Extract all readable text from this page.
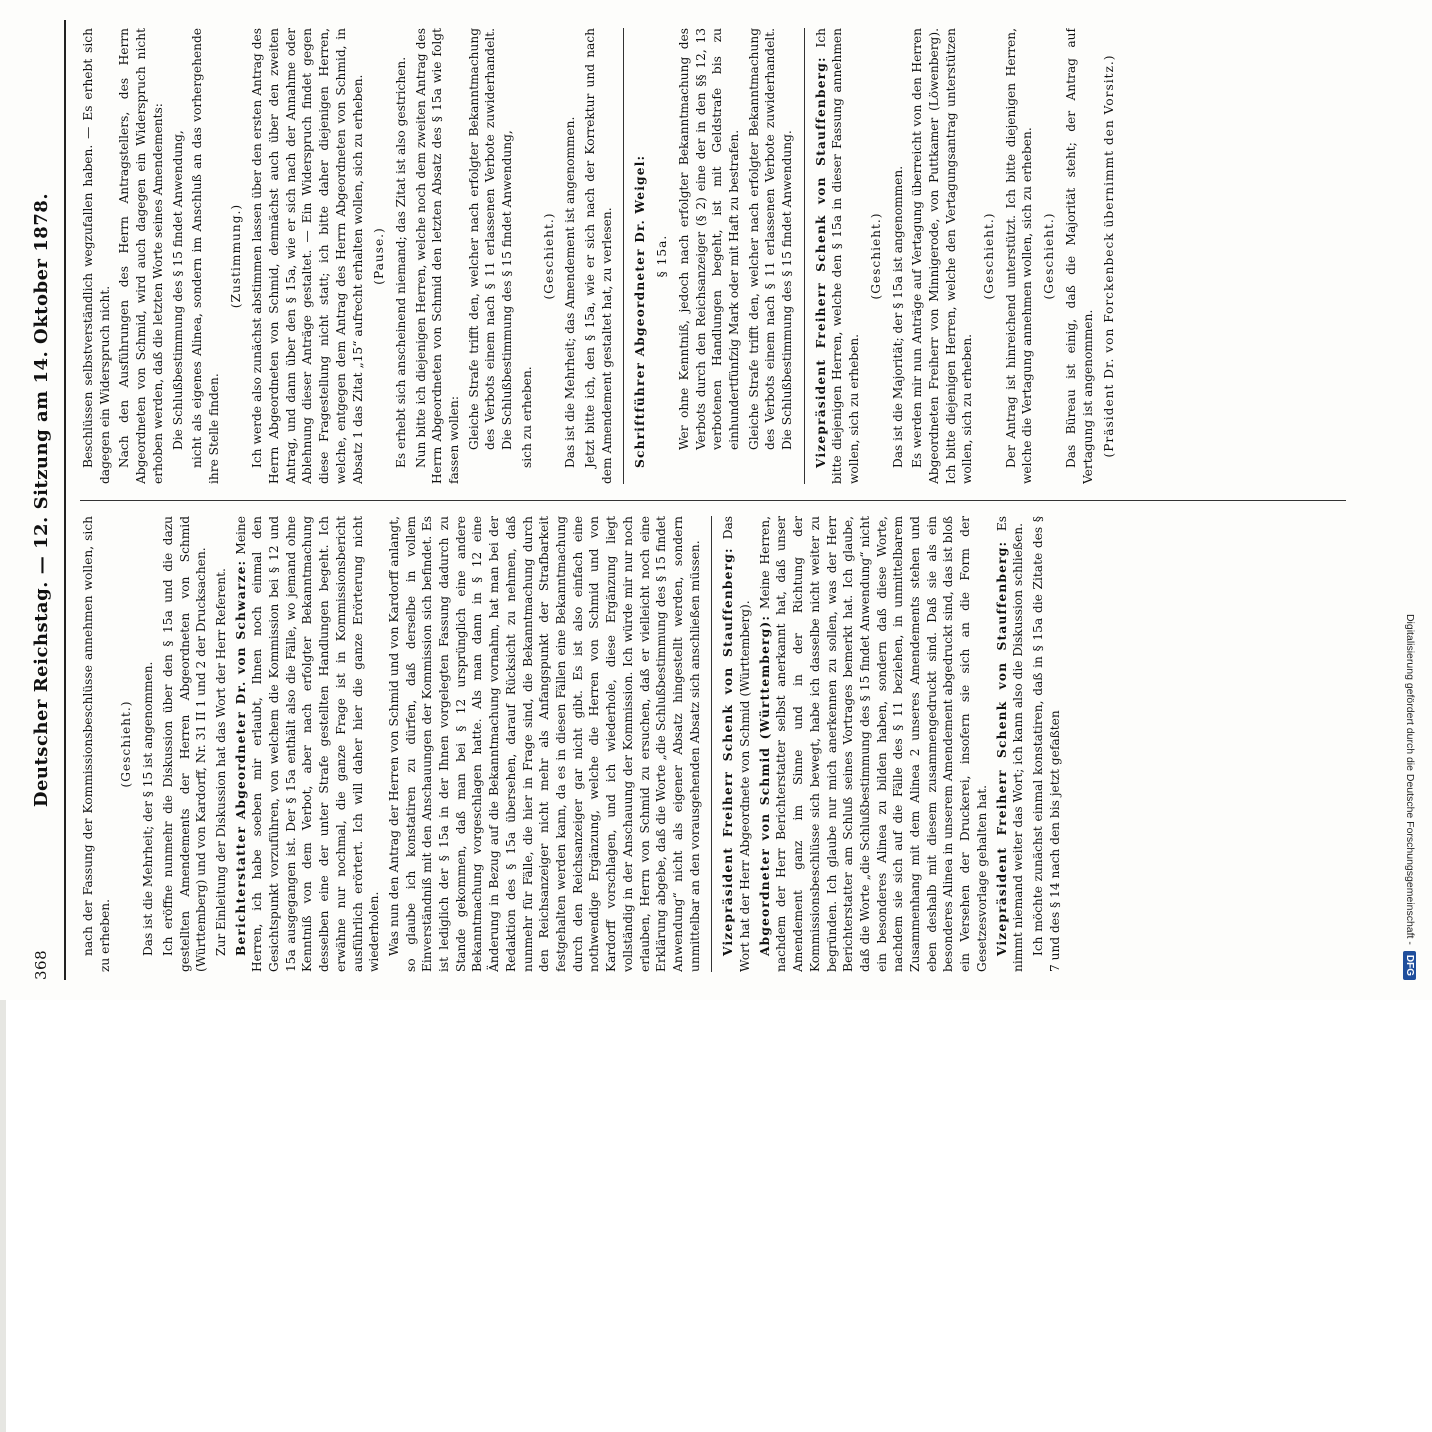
368
Deutscher Reichstag. — 12. Sitzung am 14. Oktober 1878. nach der Fassung der Kommissionsbeschlüsse annehmen wollen, sich zu erheben.
(Geschieht.) Das ist die Mehrheit; der § 15 ist angenommen. Ich eröffne nunmehr die Diskussion über den § 15a und die dazu gestellten Amendements der Herren Abgeordneten von Schmid (Württemberg) und von Kardorff, Nr. 31 II 1 und 2 der Drucksachen. Zur Einleitung der Diskussion hat das Wort der Herr Referent. Berichterstatter Abgeordneter Dr. von Schwarze: Meine Herren, ich habe soeben mir erlaubt, Ihnen noch einmal den Gesichtspunkt vorzuführen, von welchem die Kommission bei § 12 und 15a ausgegangen ist. Der § 15a enthält also die Fälle, wo jemand ohne Kenntniß von dem Verbot, aber nach erfolgter Bekanntmachung desselben eine der unter Strafe gestellten Handlungen begeht. Ich erwähne nur nochmal, die ganze Frage ist in Kommissionsbericht ausführlich erörtert. Ich will daher hier die ganze Erörterung nicht wiederholen. Was nun den Antrag der Herren von Schmid und von Kardorff anlangt, so glaube ich konstatiren zu dürfen, daß derselbe in vollem Einverständniß mit den Anschauungen der Kommission sich befindet. Es ist lediglich der § 15a in der Ihnen vorgelegten Fassung dadurch zu Stande gekommen, daß man bei § 12 ursprünglich eine andere Bekanntmachung vorgeschlagen hatte. Als man dann in § 12 eine Änderung in Bezug auf die Bekanntmachung vornahm, hat man bei der Redaktion des § 15a übersehen, darauf Rücksicht zu nehmen, daß nunmehr für Fälle, die hier in Frage sind, die Bekanntmachung durch den Reichsanzeiger nicht mehr als Anfangspunkt der Strafbarkeit festgehalten werden kann, da es in diesen Fällen eine Bekanntmachung durch den Reichsanzeiger gar nicht gibt. Es ist also einfach eine nothwendige Ergänzung, welche die Herren von Schmid und von Kardorff vorschlagen, und ich wiederhole, diese Ergänzung liegt vollständig in der Anschauung der Kommission. Ich würde mir nur noch erlauben, Herrn von Schmid zu ersuchen, daß er vielleicht noch eine Erklärung abgebe, daß die Worte „die Schlußbestimmung des § 15 findet Anwendung“ nicht als eigener Absatz hingestellt werden, sondern unmittelbar an den vorausgehenden Absatz sich anschließen müssen. Vizepräsident Freiherr Schenk von Stauffenberg: Das Wort hat der Herr Abgeordnete von Schmid (Württemberg). Abgeordneter von Schmid (Württemberg): Meine Herren, nachdem der Herr Berichterstatter selbst anerkannt hat, daß unser Amendement ganz im Sinne und in der Richtung der Kommissionsbeschlüsse sich bewegt, habe ich dasselbe nicht weiter zu begründen. Ich glaube nur mich anerkennen zu sollen, was der Herr Berichterstatter am Schluß seines Vortrages bemerkt hat. Ich glaube, daß die Worte „die Schlußbestimmung des § 15 findet Anwendung“ nicht ein besonderes Alinea zu bilden haben, sondern daß diese Worte, nachdem sie sich auf die Fälle des § 11 beziehen, in unmittelbarem Zusammenhang mit dem Alinea 2 unseres Amendements stehen und eben deshalb mit diesem zusammengedruckt sind. Daß sie als ein besonderes Alinea in unserem Amendement abgedruckt sind, das ist bloß ein Versehen der Druckerei, insofern sie sich an die Form der Gesetzesvorlage gehalten hat. Vizepräsident Freiherr Schenk von Stauffenberg: Es nimmt niemand weiter das Wort; ich kann also die Diskussion schließen. Ich möchte zunächst einmal konstatiren, daß in § 15a die Zitate des § 7 und des § 14 nach den bis jetzt gefaßten
Beschlüssen selbstverständlich wegzufallen haben. — Es erhebt sich dagegen ein Widerspruch nicht. Nach den Ausführungen des Herrn Antragstellers, des Herrn Abgeordneten von Schmid, wird auch dagegen ein Widerspruch nicht erhoben werden, daß die letzten Worte seines Amendements: Die Schlußbestimmung des § 15 findet Anwendung, nicht als eigenes Alinea, sondern im Anschluß an das vorhergehende ihre Stelle finden.
(Zustimmung.) Ich werde also zunächst abstimmen lassen über den ersten Antrag des Herrn Abgeordneten von Schmid, demnächst auch über den zweiten Antrag, und dann über den § 15a, wie er sich nach der Annahme oder Ablehnung dieser Anträge gestaltet. — Ein Widerspruch findet gegen diese Fragestellung nicht statt; ich bitte daher diejenigen Herren, welche, entgegen dem Antrag des Herrn Abgeordneten von Schmid, in Absatz 1 das Zitat „15“ aufrecht erhalten wollen, sich zu erheben. (Pause.) Es erhebt sich anscheinend niemand; das Zitat ist also gestrichen. Nun bitte ich diejenigen Herren, welche noch dem zweiten Antrag des Herrn Abgeordneten von Schmid den letzten Absatz des § 15a wie folgt fassen wollen: Gleiche Strafe trifft den, welcher nach erfolgter Bekanntmachung des Verbots einem nach § 11 erlassenen Verbote zuwiderhandelt. Die Schlußbestimmung des § 15 findet Anwendung, sich zu erheben.
(Geschieht.) Das ist die Mehrheit; das Amendement ist angenommen. Jetzt bitte ich, den § 15a, wie er sich nach der Korrektur und nach dem Amendement gestaltet hat, zu verlesen. Schriftführer Abgeordneter Dr. Weigel: § 15a. Wer ohne Kenntniß, jedoch nach erfolgter Bekanntmachung des Verbots durch den Reichsanzeiger (§ 2) eine der in den §§ 12, 13 verbotenen Handlungen begeht, ist mit Geldstrafe bis zu einhundertfünfzig Mark oder mit Haft zu bestrafen. Gleiche Strafe trifft den, welcher nach erfolgter Bekanntmachung des Verbots einem nach § 11 erlassenen Verbote zuwiderhandelt. Die Schlußbestimmung des § 15 findet Anwendung. Vizepräsident Freiherr Schenk von Stauffenberg: Ich bitte diejenigen Herren, welche den § 15a in dieser Fassung annehmen wollen, sich zu erheben.
(Geschieht.) Das ist die Majorität; der § 15a ist angenommen. Es werden mir nun Anträge auf Vertagung überreicht von den Herren Abgeordneten Freiherr von Minnigerode, von Puttkamer (Löwenberg). Ich bitte diejenigen Herren, welche den Vertagungsantrag unterstützen wollen, sich zu erheben.
(Geschieht.) Der Antrag ist hinreichend unterstützt. Ich bitte diejenigen Herren, welche die Vertagung annehmen wollen, sich zu erheben. (Geschieht.) Das Büreau ist einig, daß die Majorität steht; der Antrag auf Vertagung ist angenommen. (Präsident Dr. von Forckenbeck übernimmt den Vorsitz.)
Digitalisierung gefördert durch die Deutsche Forschungsgemeinschaft -
DFG
